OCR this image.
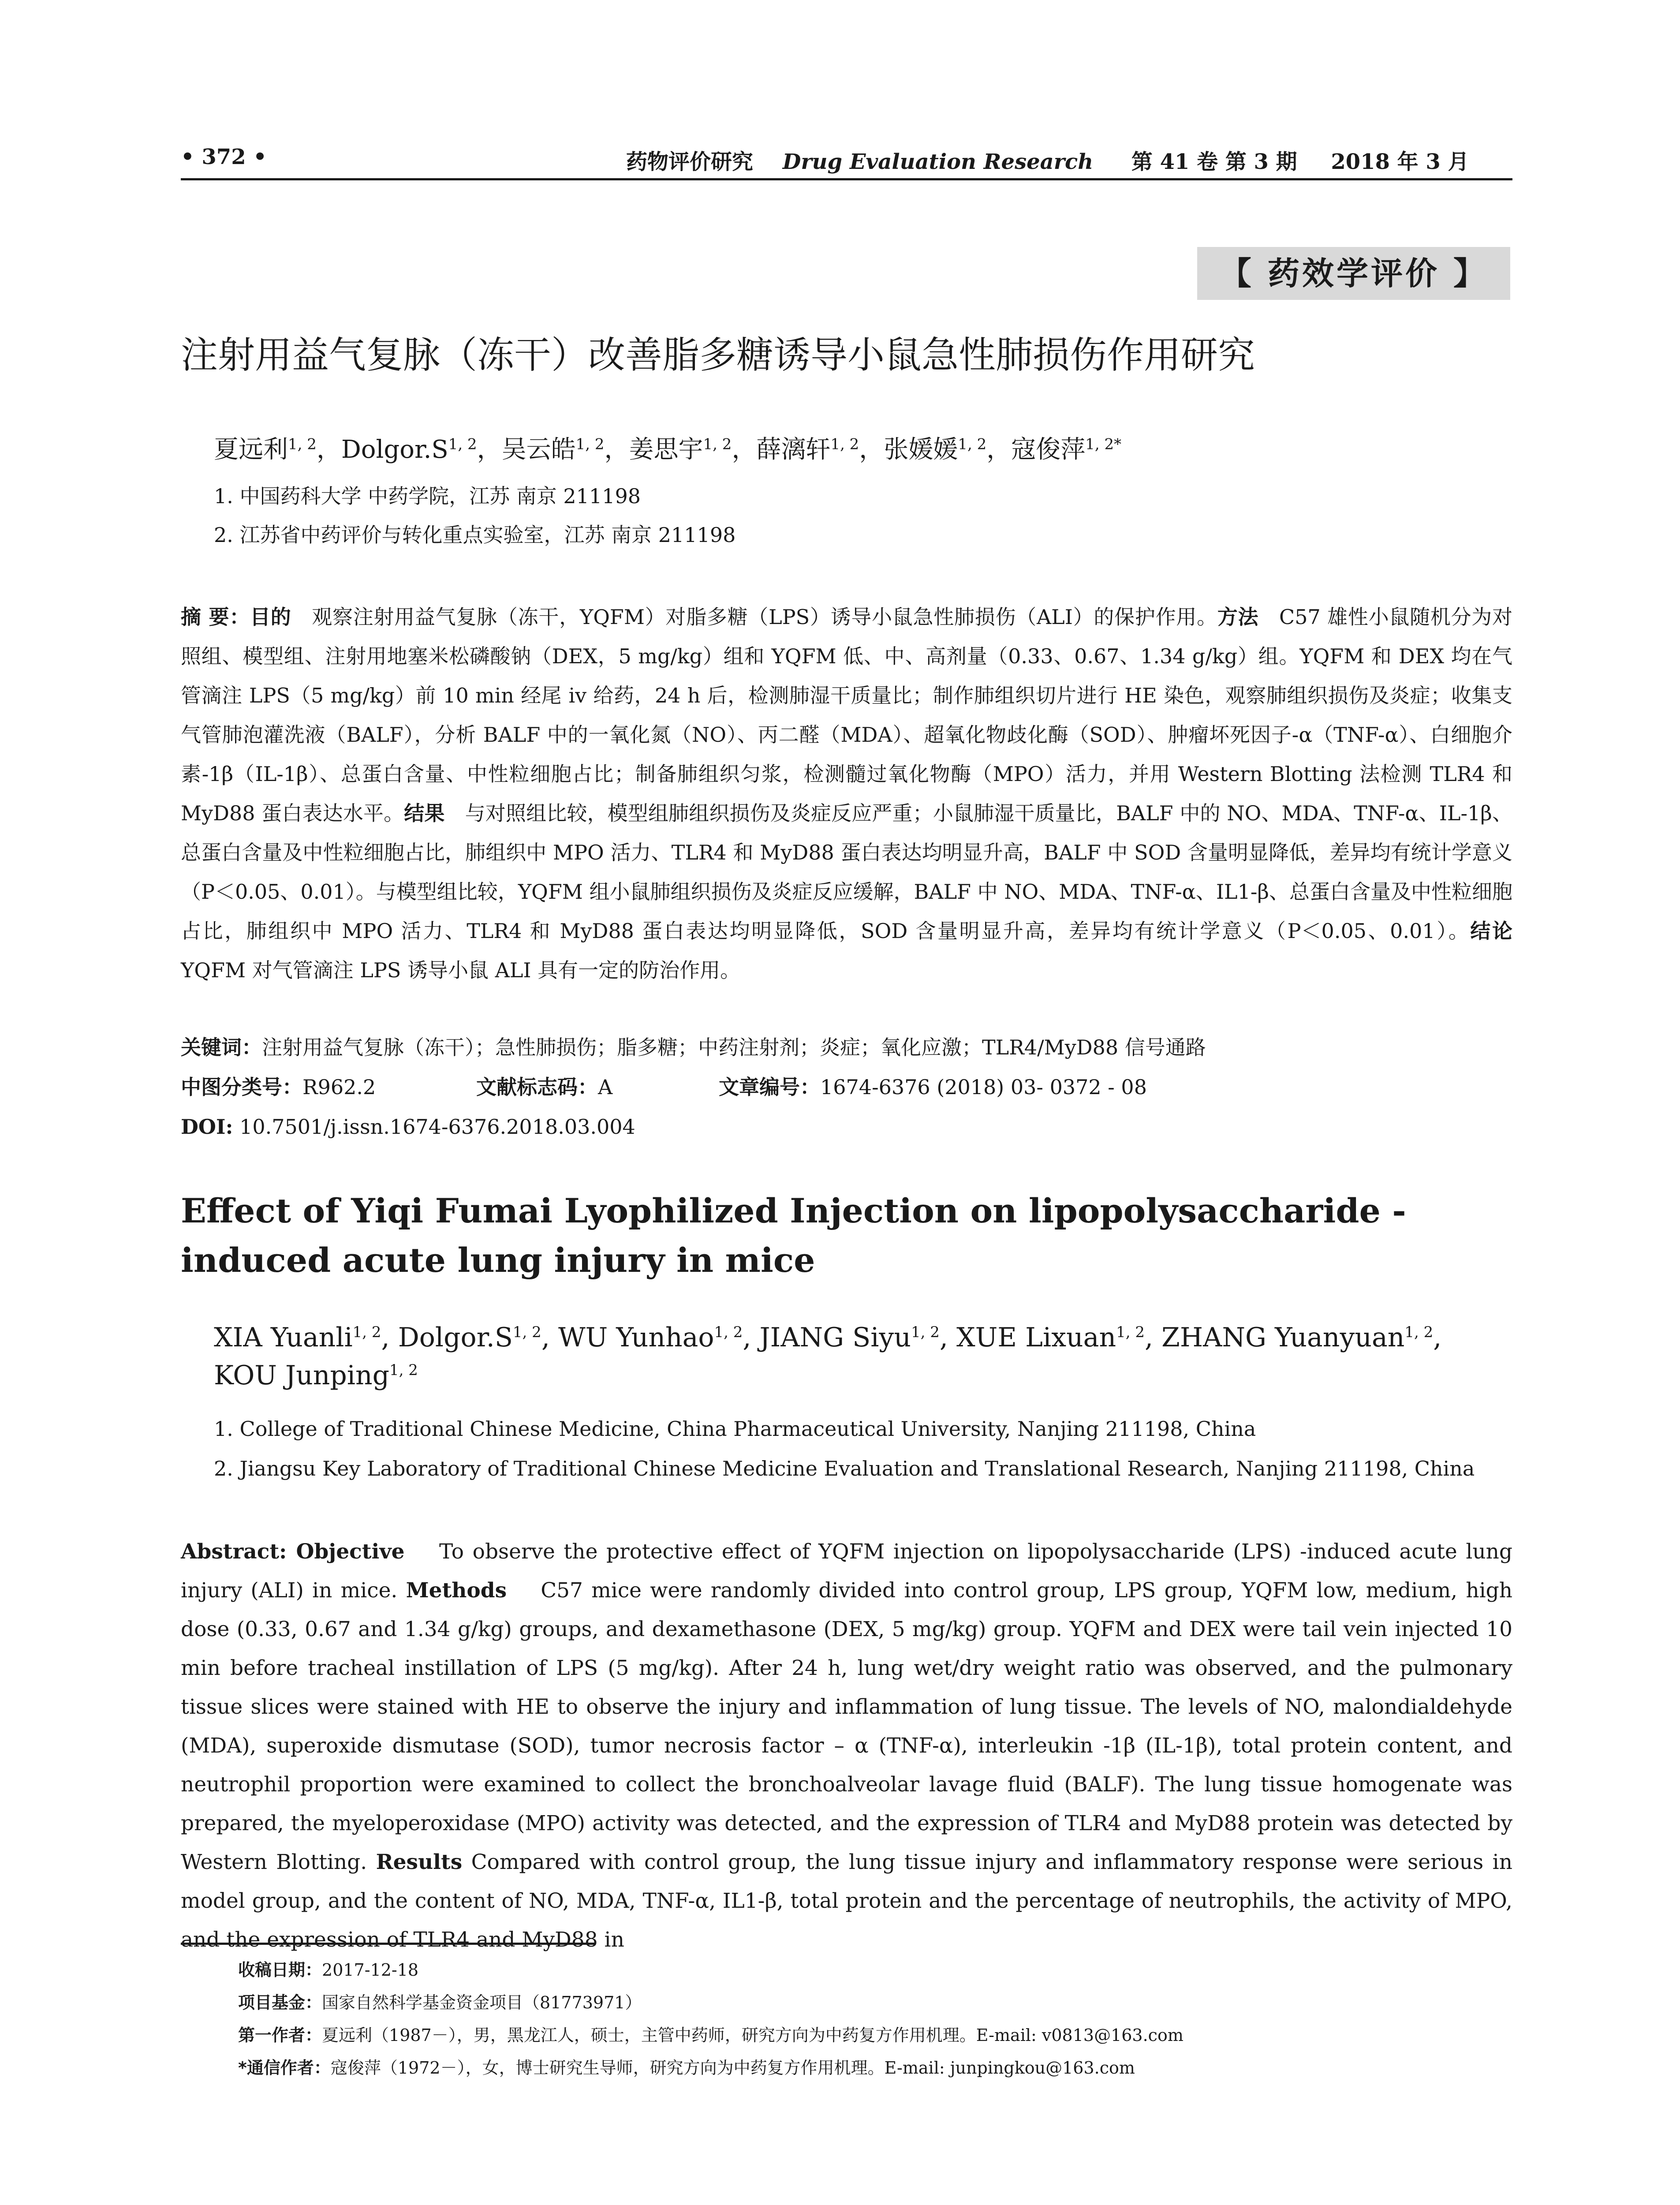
• 372 •	药物评价研究 Drug Evaluation Research 第 41 卷 第 3 期 2018 年 3 月
【 药效学评价 】
注射用益气复脉（冻干）改善脂多糖诱导小鼠急性肺损伤作用研究
夏远利$^{1, 2}$，$Dolgor.S^{1, 2}$，吴云皓$^{1, 2}$，姜思宇$^{1, 2}$，薛漓轩$^{1, 2}$，张媛媛$^{1, 2}$，寇俊萍$^{1, 2*}$
1. 中国药科大学 中药学院，江苏 南京 211198
2. 江苏省中药评价与转化重点实验室，江苏 南京 211198

摘 要：目的　 观察注射用益气复脉（冻干，YQFM）对脂多糖（LPS）诱导小鼠急性肺损伤（ALI）的保护作用。方法　 C57 雄性小鼠随机分为对照组、模型组、注射用地塞米松磷酸钠（DEX，5 mg/kg）组和 YQFM 低、中、高剂量（0.33、0.67、1.34 g/kg）组。YQFM 和 DEX 均在气管滴注 LPS（5 mg/kg）前 10 min 经尾 iv 给药，24 h 后，检测肺湿干质量比；制作肺组织切片进行 HE 染色，观察肺组织损伤及炎症；收集支气管肺泡灌洗液（BALF），分析 BALF 中的一氧化氮（NO）、丙二醛（MDA）、超氧化物歧化酶（SOD）、肿瘤坏死因子-α（TNF-α）、白细胞介素-1β（IL-1β）、总蛋白含量、中性粒细胞占比；制备肺组织匀浆，检测髓过氧化物酶（MPO）活力，并用 Western Blotting 法检测 TLR4 和 MyD88 蛋白表达水平。结果　 与对照组比较，模型组肺组织损伤及炎症反应严重；小鼠肺湿干质量比，BALF 中的 NO、MDA、TNF-α、IL-1β、总蛋白含量及中性粒细胞占比，肺组织中 MPO 活力、TLR4 和 MyD88 蛋白表达均明显升高，BALF 中 SOD 含量明显降低，差异均有统计学意义（P＜0.05、0.01）。与模型组比较，YQFM 组小鼠肺组织损伤及炎症反应缓解，BALF 中 NO、MDA、TNF-α、IL1-β、总蛋白含量及中性粒细胞占比，肺组织中 MPO 活力、TLR4 和 MyD88 蛋白表达均明显降低，SOD 含量明显升高，差异均有统计学意义（P＜0.05、0.01）。结论　YQFM 对气管滴注 LPS 诱导小鼠 ALI 具有一定的防治作用。

关键词：注射用益气复脉（冻干）；急性肺损伤；脂多糖；中药注射剂；炎症；氧化应激；TLR4/MyD88 信号通路
中图分类号：R962.2	文献标志码：A	文章编号：1674-6376 (2018) 03- 0372 - 08
DOI: 10.7501/j.issn.1674-6376.2018.03.004
Effect of Yiqi Fumai Lyophilized Injection on lipopolysaccharide - induced acute lung injury in mice
XIA Yuanli$^{1, 2}$, $Dolgor.S^{1, 2}$, WU Yunhao$^{1, 2}$, JIANG Siyu$^{1, 2}$, XUE Lixuan$^{1, 2}$, ZHANG Yuanyuan$^{1, 2}$,
KOU Junping$^{1, 2}$
1. College of Traditional Chinese Medicine, China Pharmaceutical University, Nanjing 211198, China
2. Jiangsu Key Laboratory of Traditional Chinese Medicine Evaluation and Translational Research, Nanjing 211198, China
Abstract: Objective To observe the protective effect of YQFM injection on lipopolysaccharide (LPS) -induced acute lung injury (ALI) in mice. Methods C57 mice were randomly divided into control group, LPS group, YQFM low, medium, high dose (0.33, 0.67 and 1.34 g/kg) groups, and dexamethasone (DEX, 5 mg/kg) group. YQFM and DEX were tail vein injected 10 min before tracheal instillation of LPS (5 mg/kg). After 24 h, lung wet/dry weight ratio was observed, and the pulmonary tissue slices were stained with HE to observe the injury and inflammation of lung tissue. The levels of NO, malondialdehyde (MDA), superoxide dismutase (SOD), tumor necrosis factor – α (TNF-α), interleukin -1β (IL-1β), total protein content, and neutrophil proportion were examined to collect the bronchoalveolar lavage fluid (BALF). The lung tissue homogenate was prepared, the myeloperoxidase (MPO) activity was detected, and the expression of TLR4 and MyD88 protein was detected by Western Blotting. Results Compared with control group, the lung tissue injury and inflammatory response were serious in model group, and the content of NO, MDA, TNF-α, IL1-β, total protein and the percentage of neutrophils, the activity of MPO, and the expression of TLR4 and MyD88 in
收稿日期：2017-12-18
项目基金：国家自然科学基金资金项目（81773971）
第一作者：夏远利（1987－），男，黑龙江人，硕士，主管中药师，研究方向为中药复方作用机理。E-mail: v0813@163.com
*通信作者：寇俊萍（1972－），女，博士研究生导师，研究方向为中药复方作用机理。E-mail: junpingkou@163.com
